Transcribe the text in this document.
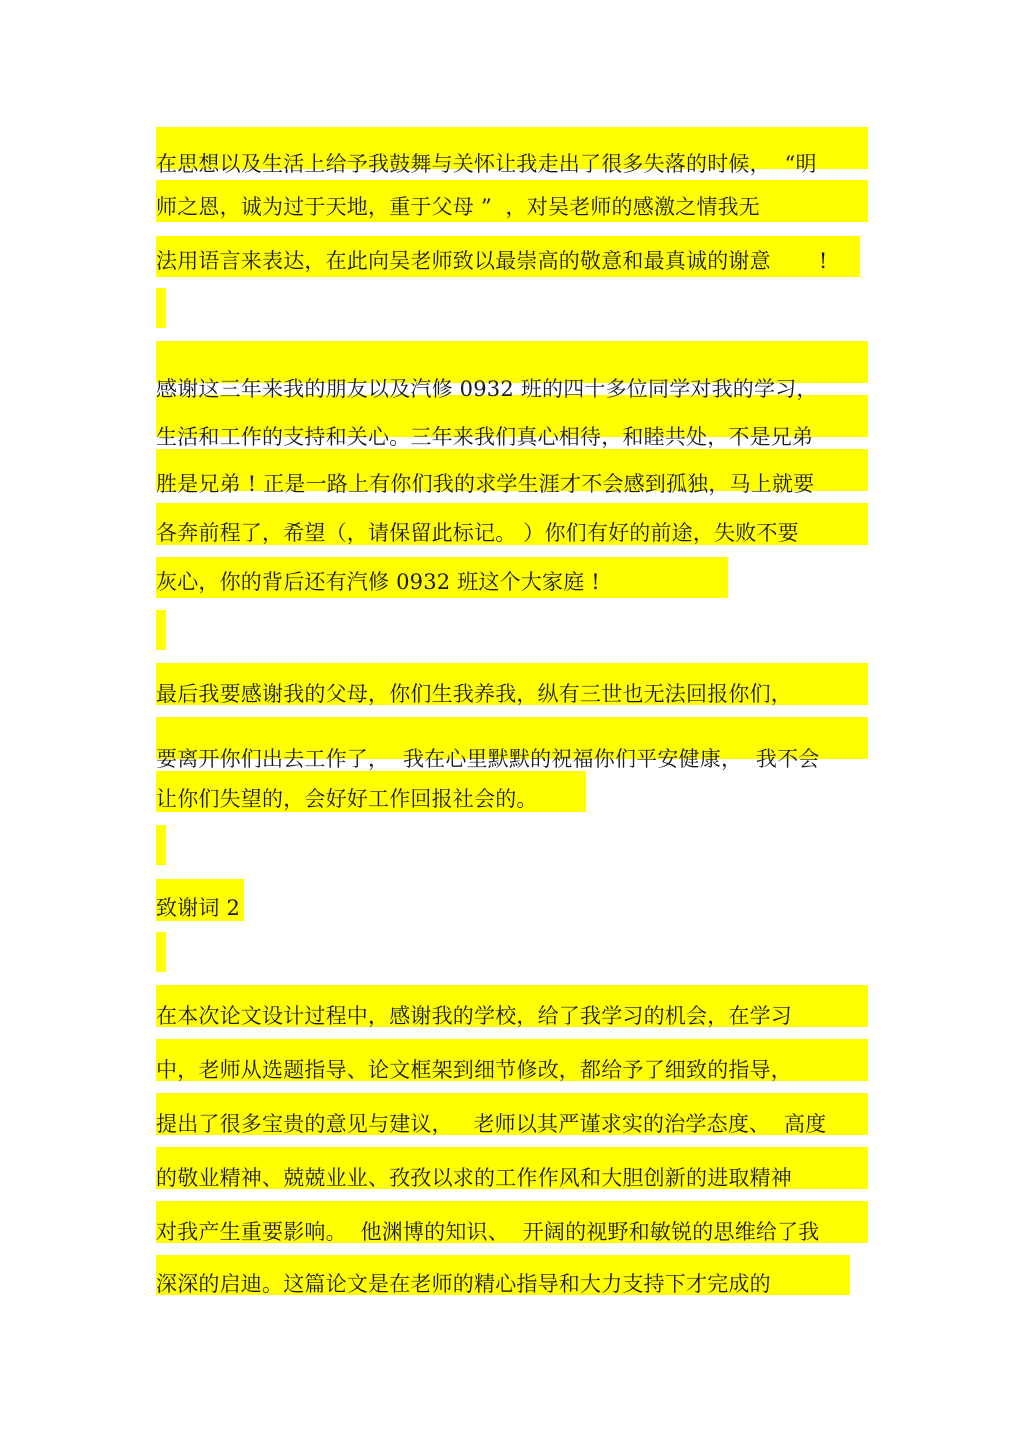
在思想以及生活上给予我鼓舞与关怀让我走出了很多失落的时候，  “明
师之恩，诚为过于天地，重于父母 ”  ，对吴老师的感激之情我无
法用语言来表达，在此向吴老师致以最崇高的敬意和最真诚的谢意       !
感谢这三年来我的朋友以及汽修 0932 班的四十多位同学对我的学习，
生活和工作的支持和关心。三年来我们真心相待，和睦共处，不是兄弟
胜是兄弟 ! 正是一路上有你们我的求学生涯才不会感到孤独，马上就要
各奔前程了，希望（，请保留此标记。 ）你们有好的前途，失败不要
灰心，你的背后还有汽修 0932 班这个大家庭 !
最后我要感谢我的父母，你们生我养我，纵有三世也无法回报你们，
要离开你们出去工作了，  我在心里默默的祝福你们平安健康，  我不会
让你们失望的，会好好工作回报社会的。
致谢词 2
在本次论文设计过程中，感谢我的学校，给了我学习的机会，在学习
中，老师从选题指导、论文框架到细节修改，都给予了细致的指导，
提出了很多宝贵的意见与建议，   老师以其严谨求实的治学态度、  高度
的敬业精神、兢兢业业、孜孜以求的工作作风和大胆创新的进取精神
对我产生重要影响。  他渊博的知识、  开阔的视野和敏锐的思维给了我
深深的启迪。这篇论文是在老师的精心指导和大力支持下才完成的
